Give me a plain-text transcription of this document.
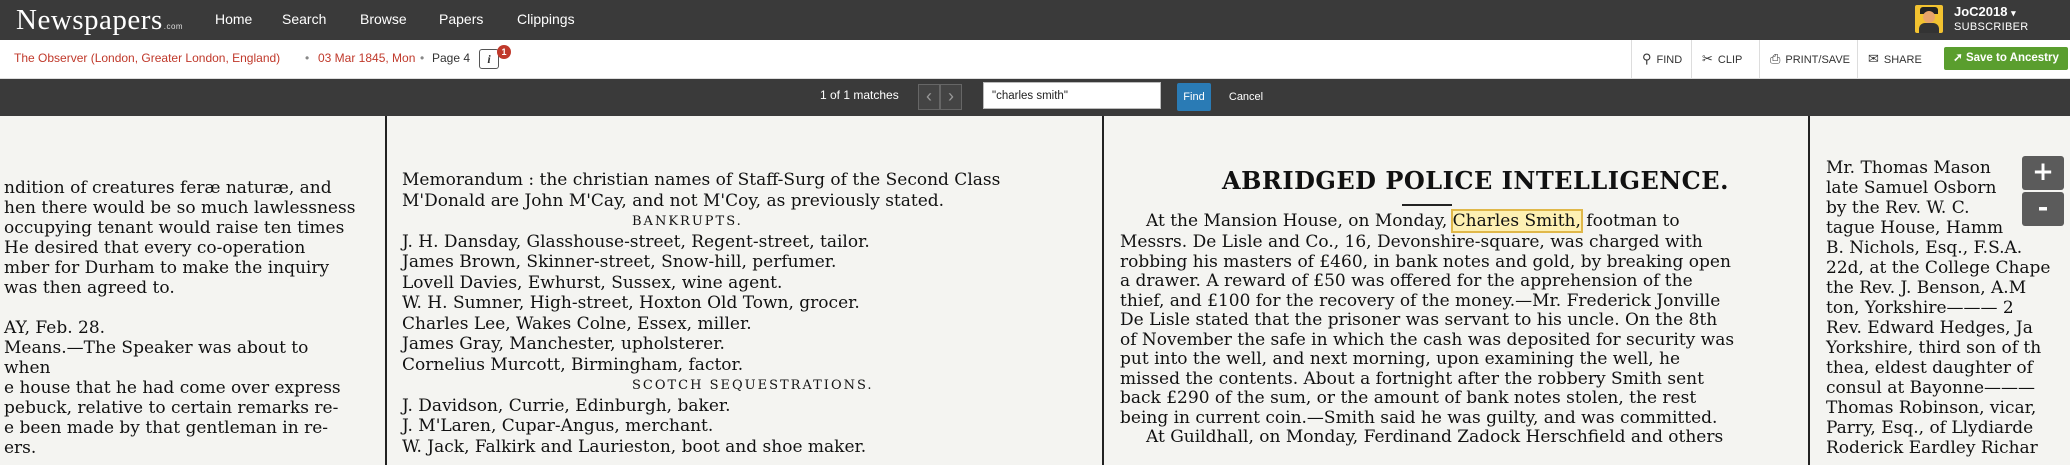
Newspapers.com Home Search Browse Papers Clippings	JoC2018 ▾
SUBSCRIBER
The Observer (London, Greater London, England) • 03 Mar 1845, Mon • Page 4	i	1	⚲ FIND	✂ CLIP	⎙ PRINT/SAVE	✉ SHARE	➚ Save to Ancestry
1 of 1 matches	‹ ›
"charles smith"	Find	Cancel
ndition of creatures feræ naturæ, and
hen there would be so much lawlessness
occupying tenant would raise ten times
He desired that every co-operation
mber for Durham to make the inquiry
was then agreed to.
AY, Feb. 28.
Means.—The Speaker was about to
when
e house that he had come over express
pebuck, relative to certain remarks re-
e been made by that gentleman in re-
ers.
Memorandum : the christian names of Staff-Surg of the Second Class
M'Donald are John M'Cay, and not M'Coy, as previously stated.
BANKRUPTS.
J. H. Dansday, Glasshouse-street, Regent-street, tailor.
James Brown, Skinner-street, Snow-hill, perfumer.
Lovell Davies, Ewhurst, Sussex, wine agent.
W. H. Sumner, High-street, Hoxton Old Town, grocer.
Charles Lee, Wakes Colne, Essex, miller.
James Gray, Manchester, upholsterer.
Cornelius Murcott, Birmingham, factor.
SCOTCH SEQUESTRATIONS.
J. Davidson, Currie, Edinburgh, baker.
J. M'Laren, Cupar-Angus, merchant.
W. Jack, Falkirk and Laurieston, boot and shoe maker.
ABRIDGED POLICE INTELLIGENCE.
At the Mansion House, on Monday, Charles Smith, footman to
Messrs. De Lisle and Co., 16, Devonshire-square, was charged with
robbing his masters of £460, in bank notes and gold, by breaking open
a drawer. A reward of £50 was offered for the apprehension of the
thief, and £100 for the recovery of the money.—Mr. Frederick Jonville
De Lisle stated that the prisoner was servant to his uncle. On the 8th
of November the safe in which the cash was deposited for security was
put into the well, and next morning, upon examining the well, he
missed the contents. About a fortnight after the robbery Smith sent
back £290 of the sum, or the amount of bank notes stolen, the rest
being in current coin.—Smith said he was guilty, and was committed.
At Guildhall, on Monday, Ferdinand Zadock Herschfield and others
Mr. Thomas Mason
late Samuel Osborn
by the Rev. W. C.
tague House, Hamm
B. Nichols, Esq., F.S.A.
22d, at the College Chape
the Rev. J. Benson, A.M
ton, Yorkshire——— 2
Rev. Edward Hedges, Ja
Yorkshire, third son of th
thea, eldest daughter of
consul at Bayonne———
Thomas Robinson, vicar,
Parry, Esq., of Llydiarde
Roderick Eardley Richar
+
-
